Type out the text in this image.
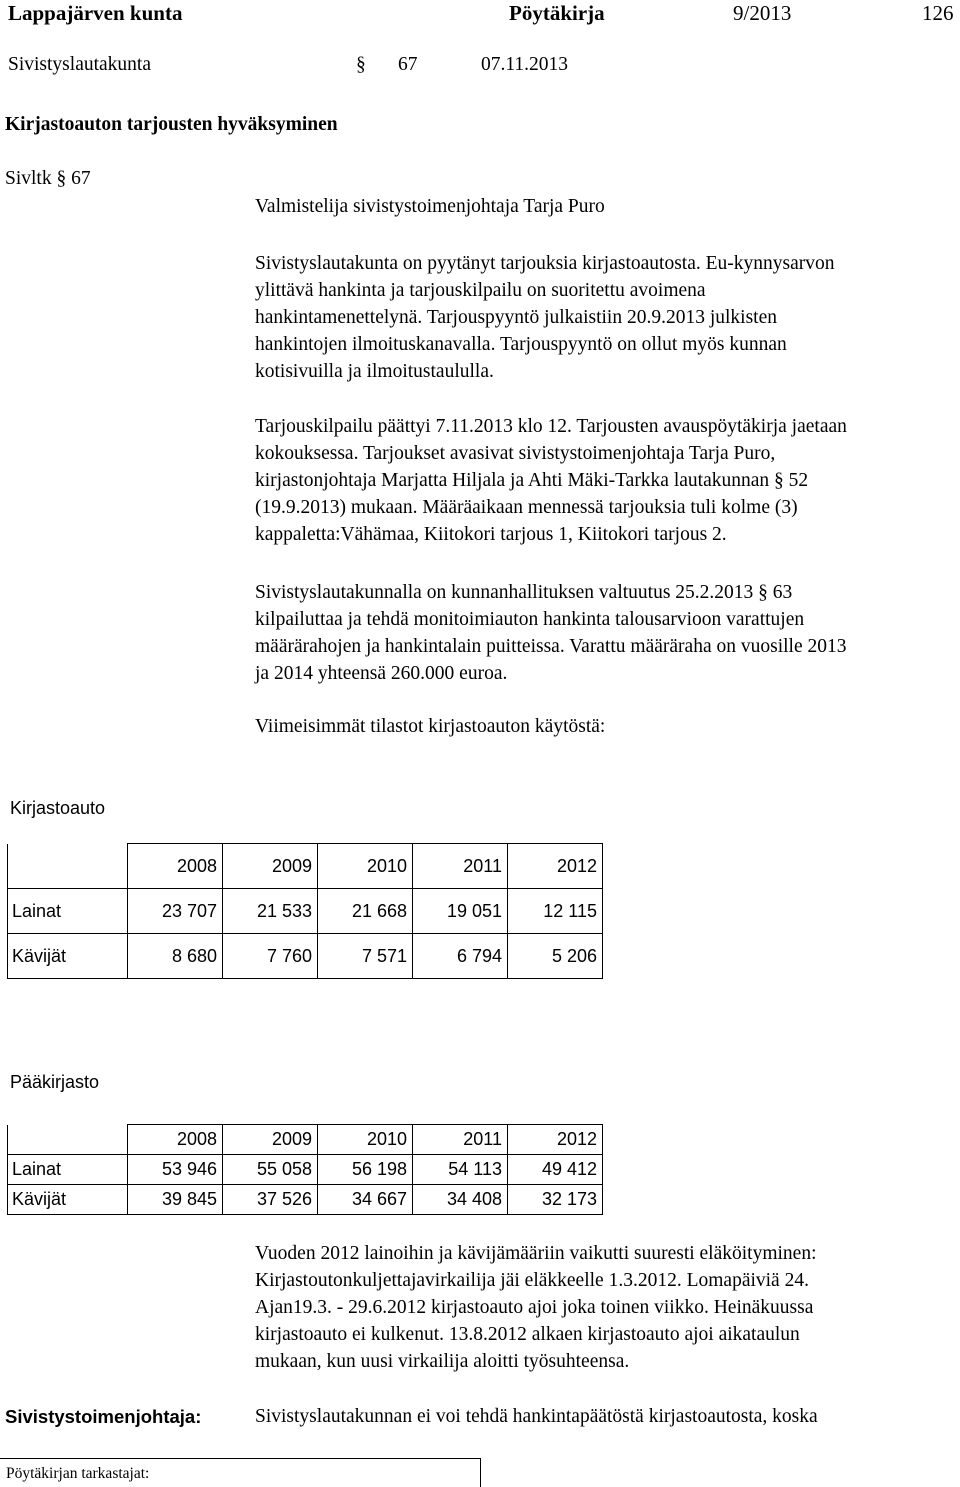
Lappajärven kunta	Pöytäkirja	9/2013	126
Sivistyslautakunta	§ 67	07.11.2013
Kirjastoauton tarjousten hyväksyminen
Sivltk § 67
Valmistelija sivistystoimenjohtaja Tarja Puro
Sivistyslautakunta on pyytänyt tarjouksia kirjastoautosta. Eu-kynnysarvon
ylittävä hankinta ja tarjouskilpailu on suoritettu avoimena
hankintamenettelynä. Tarjouspyyntö julkaistiin 20.9.2013 julkisten
hankintojen ilmoituskanavalla. Tarjouspyyntö on ollut myös kunnan
kotisivuilla ja ilmoitustaululla.
Tarjouskilpailu päättyi 7.11.2013 klo 12. Tarjousten avauspöytäkirja jaetaan
kokouksessa. Tarjoukset avasivat sivistystoimenjohtaja Tarja Puro,
kirjastonjohtaja Marjatta Hiljala ja Ahti Mäki-Tarkka lautakunnan § 52
(19.9.2013) mukaan. Määräaikaan mennessä tarjouksia tuli kolme (3)
kappaletta:Vähämaa, Kiitokori tarjous 1, Kiitokori tarjous 2.
Sivistyslautakunnalla on kunnanhallituksen valtuutus 25.2.2013 § 63
kilpailuttaa ja tehdä monitoimiauton hankinta talousarvioon varattujen
määrärahojen ja hankintalain puitteissa. Varattu määräraha on vuosille 2013
ja 2014 yhteensä 260.000 euroa.
Viimeisimmät tilastot kirjastoauton käytöstä:
Kirjastoauto
	2008	2009	2010	2011	2012
Lainat	23 707	21 533	21 668	19 051	12 115
Kävijät	8 680	7 760	7 571	6 794	5 206
Pääkirjasto
	2008	2009	2010	2011	2012
Lainat	53 946	55 058	56 198	54 113	49 412
Kävijät	39 845	37 526	34 667	34 408	32 173
Vuoden 2012 lainoihin ja kävijämääriin vaikutti suuresti eläköityminen:
Kirjastoutonkuljettajavirkailija jäi eläkkeelle 1.3.2012. Lomapäiviä 24.
Ajan19.3. - 29.6.2012 kirjastoauto ajoi joka toinen viikko. Heinäkuussa
kirjastoauto ei kulkenut. 13.8.2012 alkaen kirjastoauto ajoi aikataulun
mukaan, kun uusi virkailija aloitti työsuhteensa.
Sivistystoimenjohtaja:	Sivistyslautakunnan ei voi tehdä hankintapäätöstä kirjastoautosta, koska
Pöytäkirjan tarkastajat:
